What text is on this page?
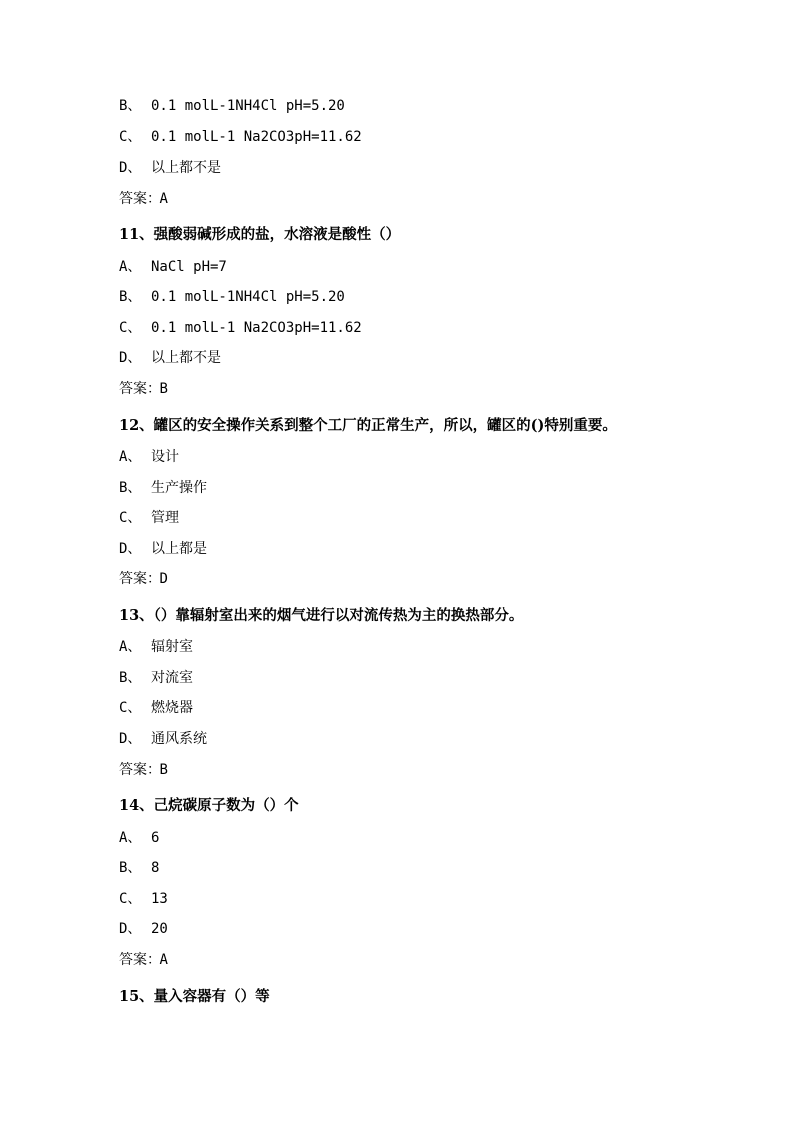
B、 0.1 molL-1NH4Cl pH=5.20
C、 0.1 molL-1 Na2CO3pH=11.62
D、 以上都不是
答案： A
11、强酸弱碱形成的盐，水溶液是酸性（）
A、 NaCl pH=7
B、 0.1 molL-1NH4Cl pH=5.20
C、 0.1 molL-1 Na2CO3pH=11.62
D、 以上都不是
答案： B
12、罐区的安全操作关系到整个工厂的正常生产，所以，罐区的()特别重要。
A、 设计
B、 生产操作
C、 管理
D、 以上都是
答案： D
13、（）靠辐射室出来的烟气进行以对流传热为主的换热部分。
A、 辐射室
B、 对流室
C、 燃烧器
D、 通风系统
答案： B
14、己烷碳原子数为（）个
A、 6
B、 8
C、 13
D、 20
答案： A
15、量入容器有（）等
